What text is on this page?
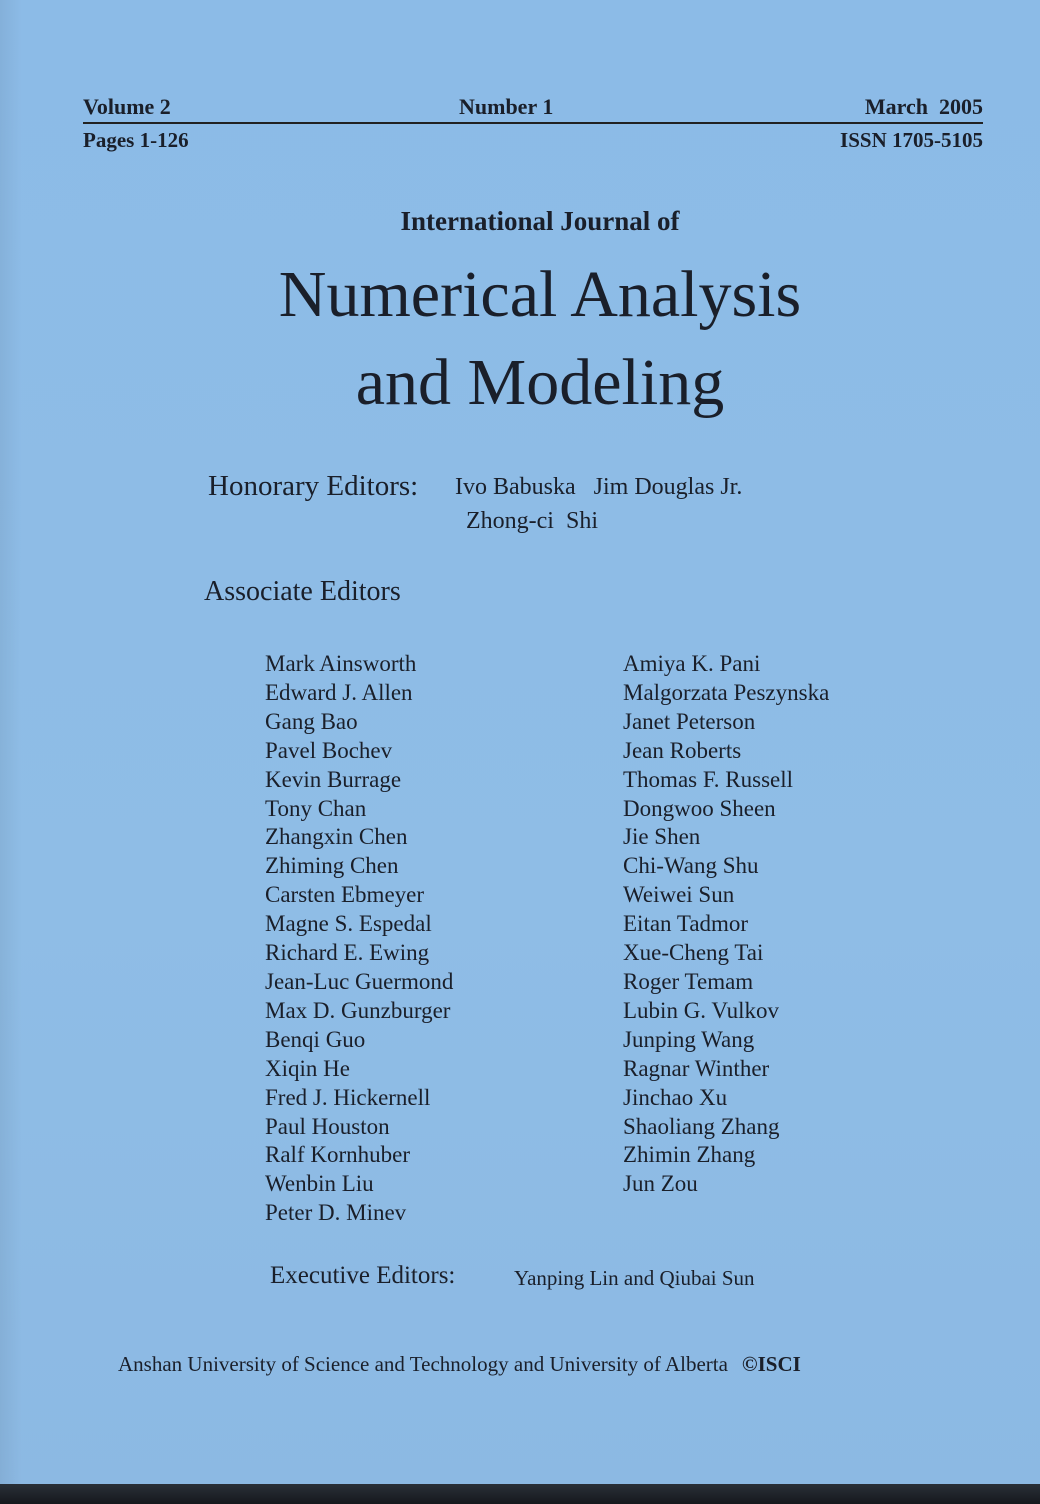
Volume 2	Number 1	March  2005
Pages 1-126	ISSN 1705-5105
International Journal of
Numerical Analysis
and Modeling
Honorary Editors: Ivo Babuska   Jim Douglas Jr.
Zhong-ci  Shi
Associate Editors
Mark Ainsworth
Edward J. Allen
Gang Bao
Pavel Bochev
Kevin Burrage
Tony Chan
Zhangxin Chen
Zhiming Chen
Carsten Ebmeyer
Magne S. Espedal
Richard E. Ewing
Jean-Luc Guermond
Max D. Gunzburger
Benqi Guo
Xiqin He
Fred J. Hickernell
Paul Houston
Ralf Kornhuber
Wenbin Liu
Peter D. Minev
Amiya K. Pani
Malgorzata Peszynska
Janet Peterson
Jean Roberts
Thomas F. Russell
Dongwoo Sheen
Jie Shen
Chi-Wang Shu
Weiwei Sun
Eitan Tadmor
Xue-Cheng Tai
Roger Temam
Lubin G. Vulkov
Junping Wang
Ragnar Winther
Jinchao Xu
Shaoliang Zhang
Zhimin Zhang
Jun Zou
Executive Editors:	Yanping Lin and Qiubai Sun
Anshan University of Science and Technology and University of Alberta ©ISCI
